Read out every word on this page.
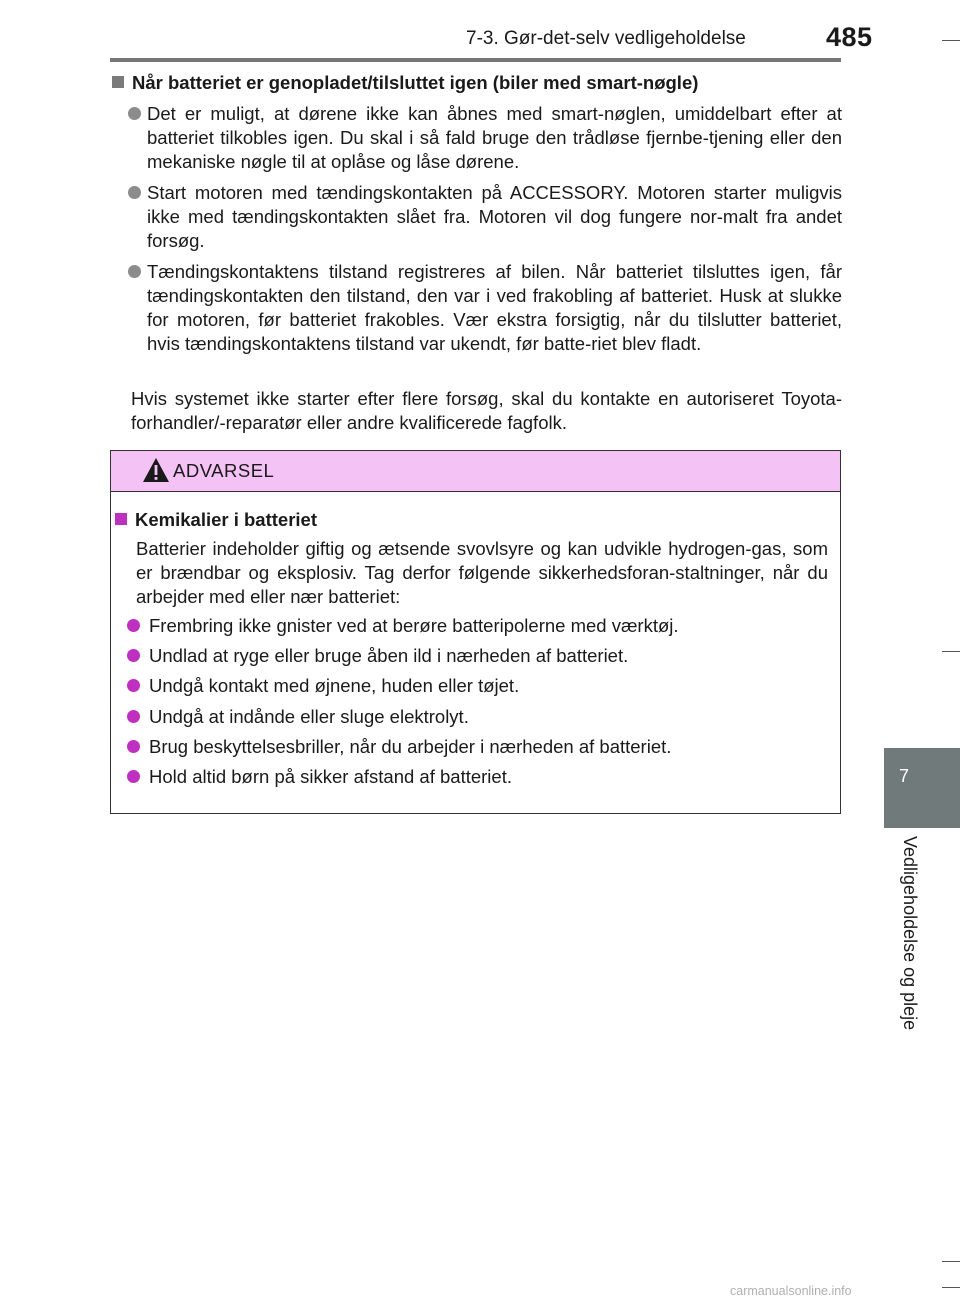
7-3. Gør-det-selv vedligeholdelse	485
7
Vedligeholdelse og pleje
Når batteriet er genopladet/tilsluttet igen (biler med smart-nøgle)
Det er muligt, at dørene ikke kan åbnes med smart-nøglen, umiddelbart efter at batteriet tilkobles igen. Du skal i så fald bruge den trådløse fjernbe-tjening eller den mekaniske nøgle til at oplåse og låse dørene.
Start motoren med tændingskontakten på ACCESSORY. Motoren starter muligvis ikke med tændingskontakten slået fra. Motoren vil dog fungere nor-malt fra andet forsøg.
Tændingskontaktens tilstand registreres af bilen. Når batteriet tilsluttes igen, får tændingskontakten den tilstand, den var i ved frakobling af batteriet. Husk at slukke for motoren, før batteriet frakobles. Vær ekstra forsigtig, når du tilslutter batteriet, hvis tændingskontaktens tilstand var ukendt, før batte-riet blev fladt.
Hvis systemet ikke starter efter flere forsøg, skal du kontakte en autoriseret Toyota-forhandler/-reparatør eller andre kvalificerede fagfolk.
ADVARSEL
Kemikalier i batteriet
Batterier indeholder giftig og ætsende svovlsyre og kan udvikle hydrogen-gas, som er brændbar og eksplosiv. Tag derfor følgende sikkerhedsforan-staltninger, når du arbejder med eller nær batteriet:
Frembring ikke gnister ved at berøre batteripolerne med værktøj.
Undlad at ryge eller bruge åben ild i nærheden af batteriet.
Undgå kontakt med øjnene, huden eller tøjet.
Undgå at indånde eller sluge elektrolyt.
Brug beskyttelsesbriller, når du arbejder i nærheden af batteriet.
Hold altid børn på sikker afstand af batteriet.
carmanualsonline.info
